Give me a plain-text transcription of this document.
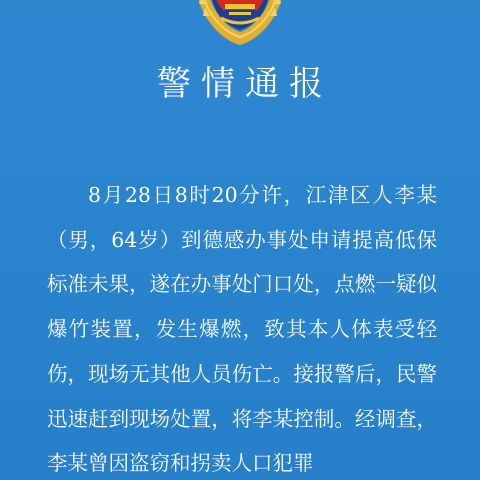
警情通报
8月28日8时20分许，江津区人李某（男，64岁）到德感办事处申请提高低保标准未果，遂在办事处门口处，点燃一疑似爆竹装置，发生爆燃，致其本人体表受轻伤，现场无其他人员伤亡。接报警后，民警迅速赶到现场处置，将李某控制。经调查，李某曾因盗窃和拐卖人口犯罪
